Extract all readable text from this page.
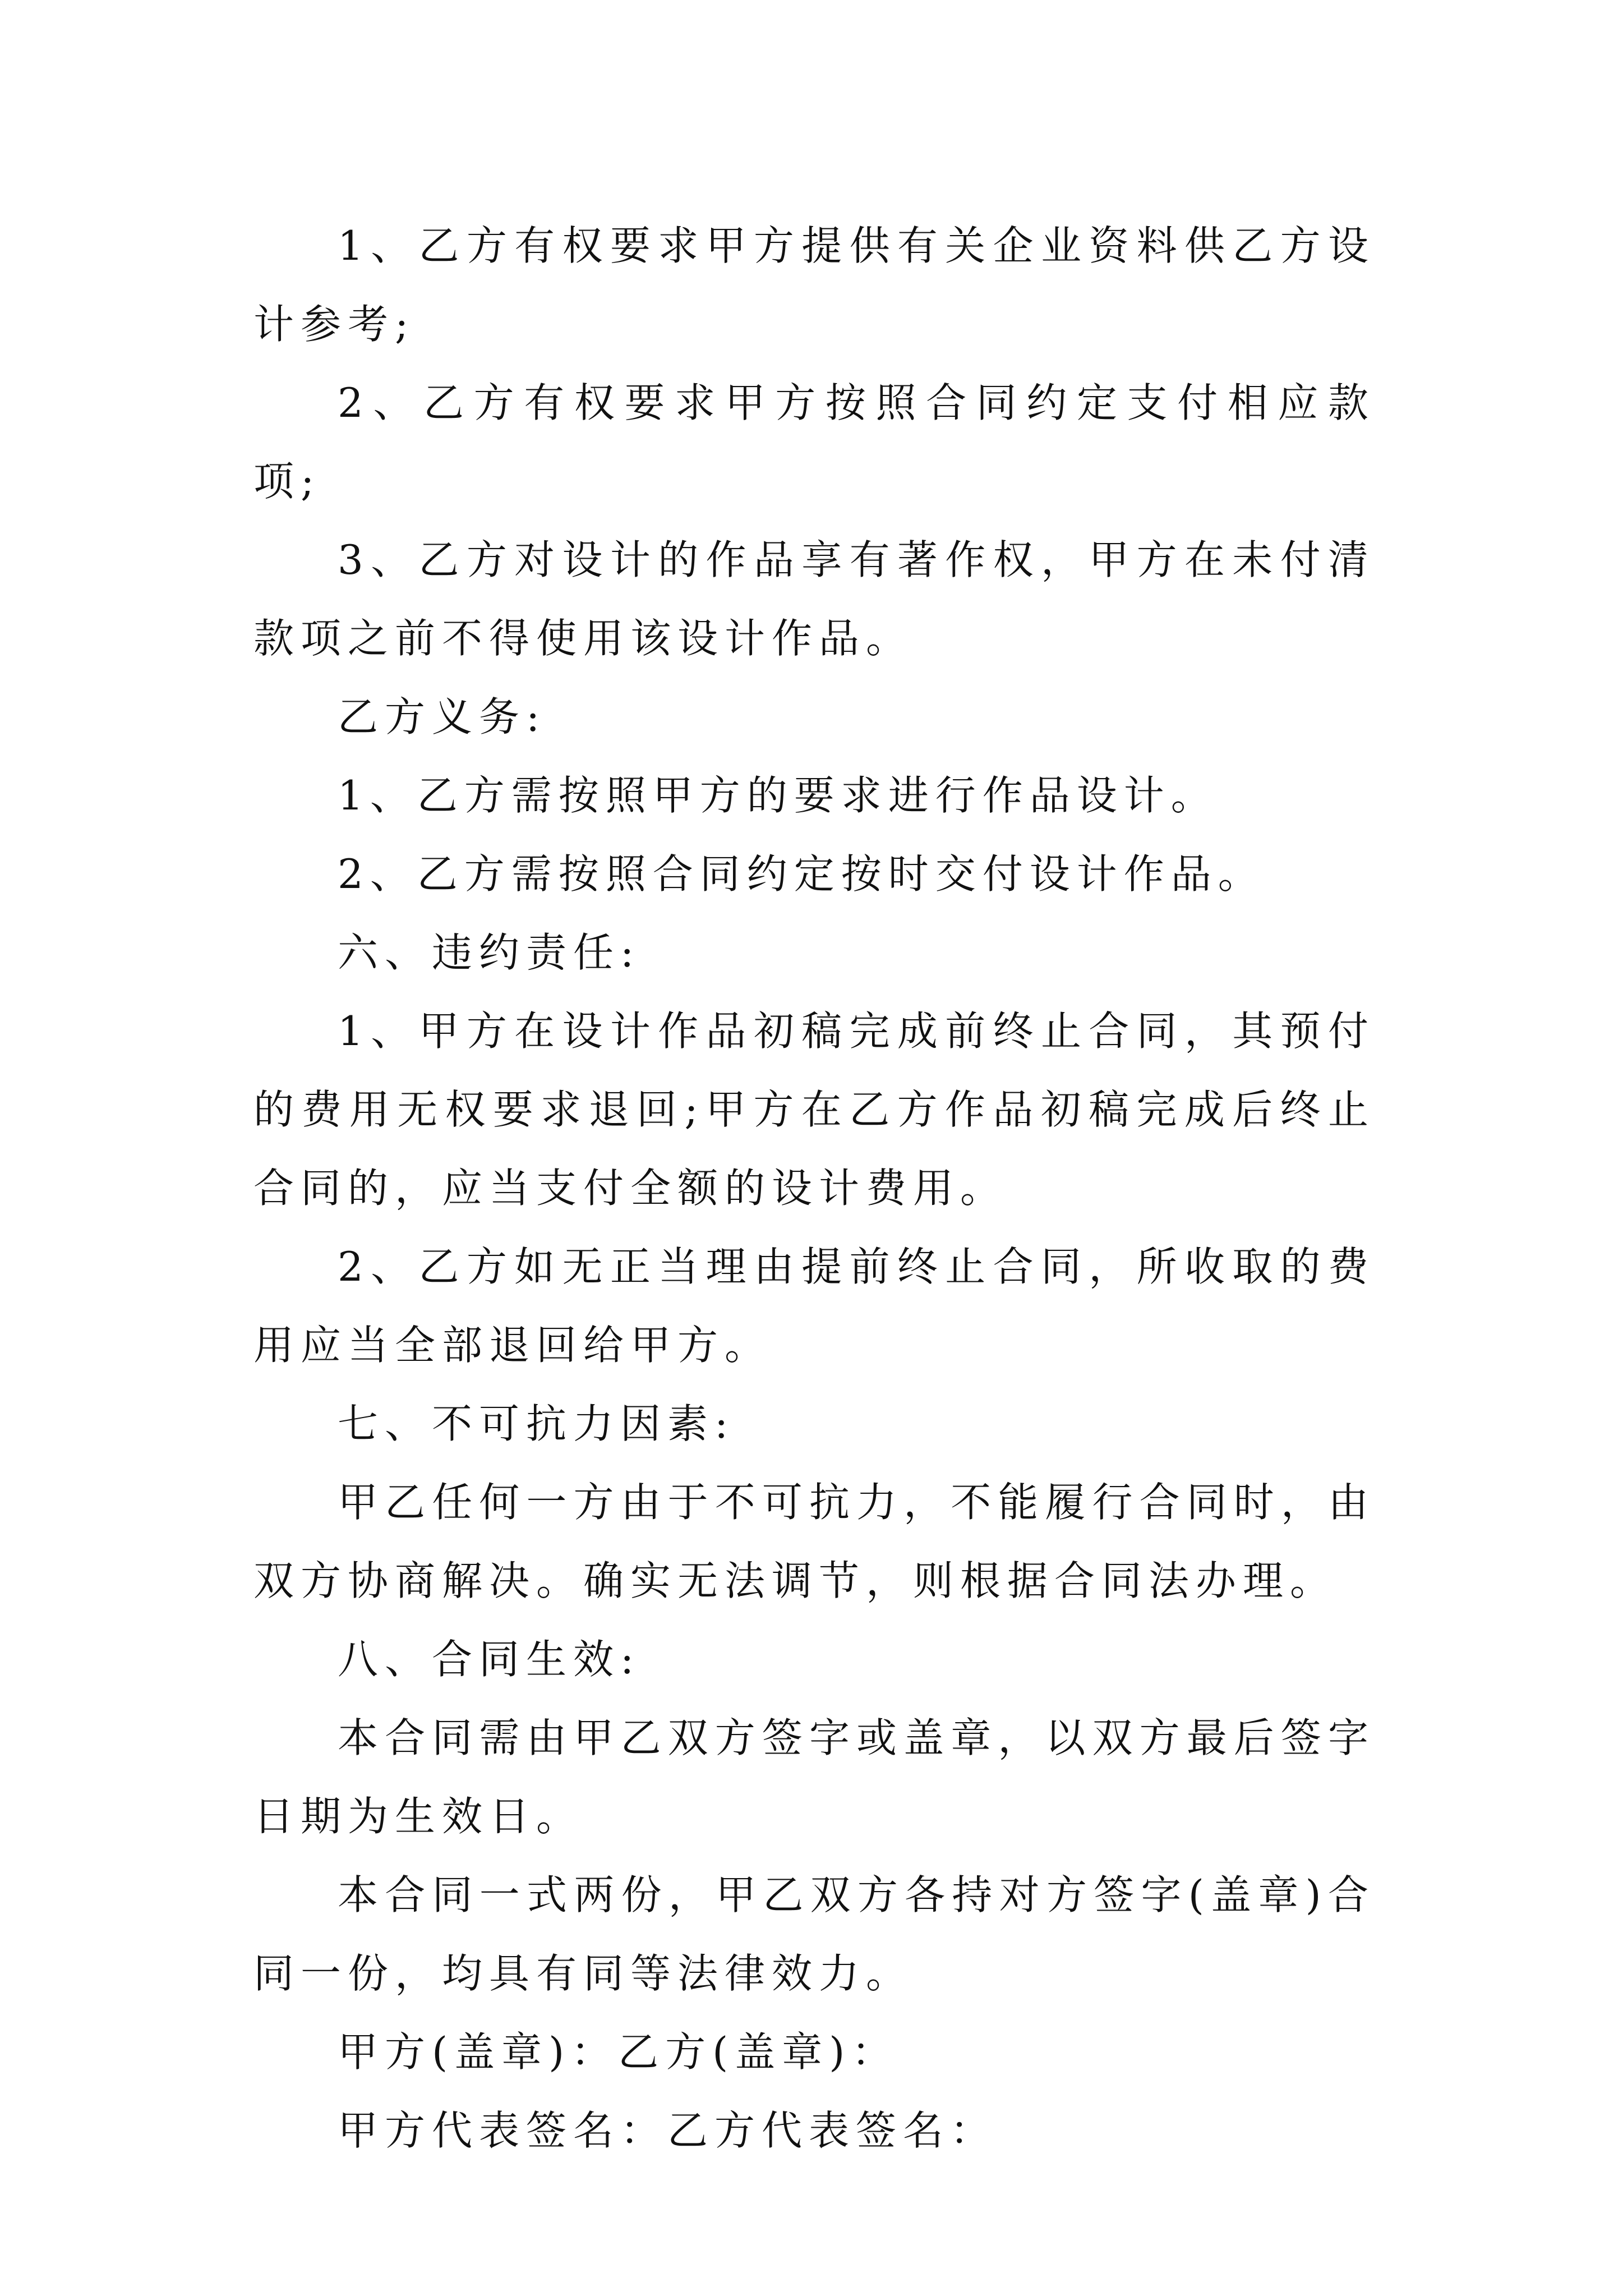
1、乙方有权要求甲方提供有关企业资料供乙方设计参考;

2、乙方有权要求甲方按照合同约定支付相应款项;

3、乙方对设计的作品享有著作权，甲方在未付清款项之前不得使用该设计作品。

乙方义务:

1、乙方需按照甲方的要求进行作品设计。

2、乙方需按照合同约定按时交付设计作品。

六、违约责任:

1、甲方在设计作品初稿完成前终止合同，其预付的费用无权要求退回;甲方在乙方作品初稿完成后终止合同的，应当支付全额的设计费用。

2、乙方如无正当理由提前终止合同，所收取的费用应当全部退回给甲方。

七、不可抗力因素:

甲乙任何一方由于不可抗力，不能履行合同时，由双方协商解决。确实无法调节，则根据合同法办理。

八、合同生效:

本合同需由甲乙双方签字或盖章，以双方最后签字日期为生效日。

本合同一式两份，甲乙双方各持对方签字(盖章)合同一份，均具有同等法律效力。

甲方(盖章)：乙方(盖章)：

甲方代表签名：乙方代表签名：
